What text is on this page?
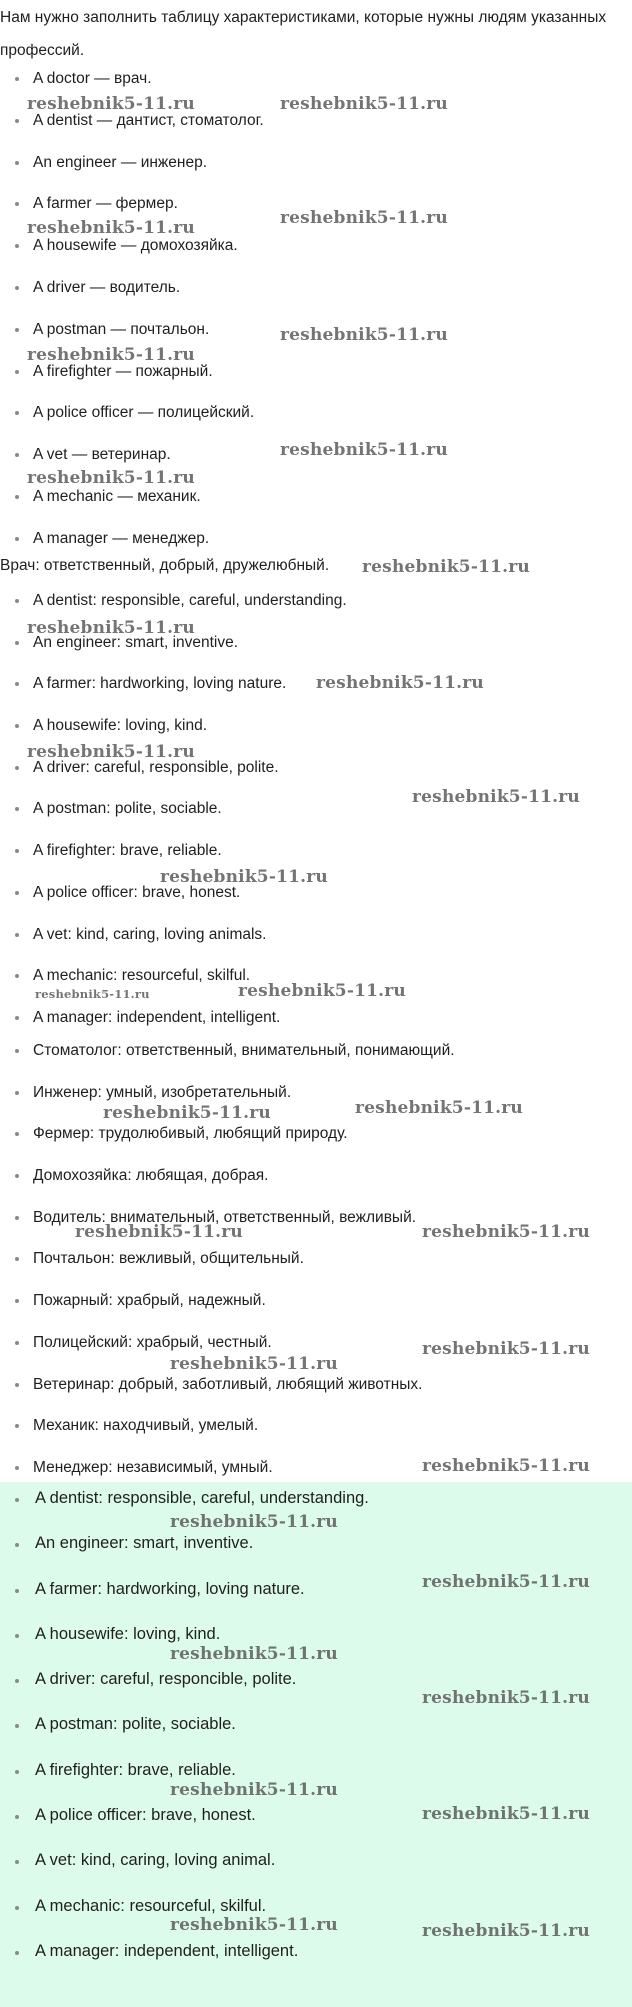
Нам нужно заполнить таблицу характеристиками, которые нужны людям указанных профессий.
A doctor — врач.
A dentist — дантист, стоматолог.
An engineer — инженер.
A farmer — фермер.
A housewife — домохозяйка.
A driver — водитель.
A postman — почтальон.
A firefighter — пожарный.
A police officer — полицейский.
A vet — ветеринар.
A mechanic — механик.
A manager — менеджер.
Врач: ответственный, добрый, дружелюбный.
A dentist: responsible, careful, understanding.
An engineer: smart, inventive.
A farmer: hardworking, loving nature.
A housewife: loving, kind.
A driver: careful, responsible, polite.
A postman: polite, sociable.
A firefighter: brave, reliable.
A police officer: brave, honest.
A vet: kind, caring, loving animals.
A mechanic: resourceful, skilful.
A manager: independent, intelligent.
Стоматолог: ответственный, внимательный, понимающий.
Инженер: умный, изобретательный.
Фермер: трудолюбивый, любящий природу.
Домохозяйка: любящая, добрая.
Водитель: внимательный, ответственный, вежливый.
Почтальон: вежливый, общительный.
Пожарный: храбрый, надежный.
Полицейский: храбрый, честный.
Ветеринар: добрый, заботливый, любящий животных.
Механик: находчивый, умелый.
Менеджер: независимый, умный.
A dentist: responsible, careful, understanding.
An engineer: smart, inventive.
A farmer: hardworking, loving nature.
A housewife: loving, kind.
A driver: careful, responcible, polite.
A postman: polite, sociable.
A firefighter: brave, reliable.
A police officer: brave, honest.
A vet: kind, caring, loving animal.
A mechanic: resourceful, skilful.
A manager: independent, intelligent.
reshebnik5-11.ru	reshebnik5-11.ru
reshebnik5-11.ru
reshebnik5-11.ru
reshebnik5-11.ru
reshebnik5-11.ru
reshebnik5-11.ru
reshebnik5-11.ru
reshebnik5-11.ru
reshebnik5-11.ru
reshebnik5-11.ru
reshebnik5-11.ru
reshebnik5-11.ru
reshebnik5-11.ru
reshebnik5-11.ru	reshebnik5-11.ru
reshebnik5-11.ru
reshebnik5-11.ru
reshebnik5-11.ru	reshebnik5-11.ru
reshebnik5-11.ru
reshebnik5-11.ru
reshebnik5-11.ru
reshebnik5-11.ru
reshebnik5-11.ru
reshebnik5-11.ru
reshebnik5-11.ru
reshebnik5-11.ru
reshebnik5-11.ru
reshebnik5-11.ru	reshebnik5-11.ru
